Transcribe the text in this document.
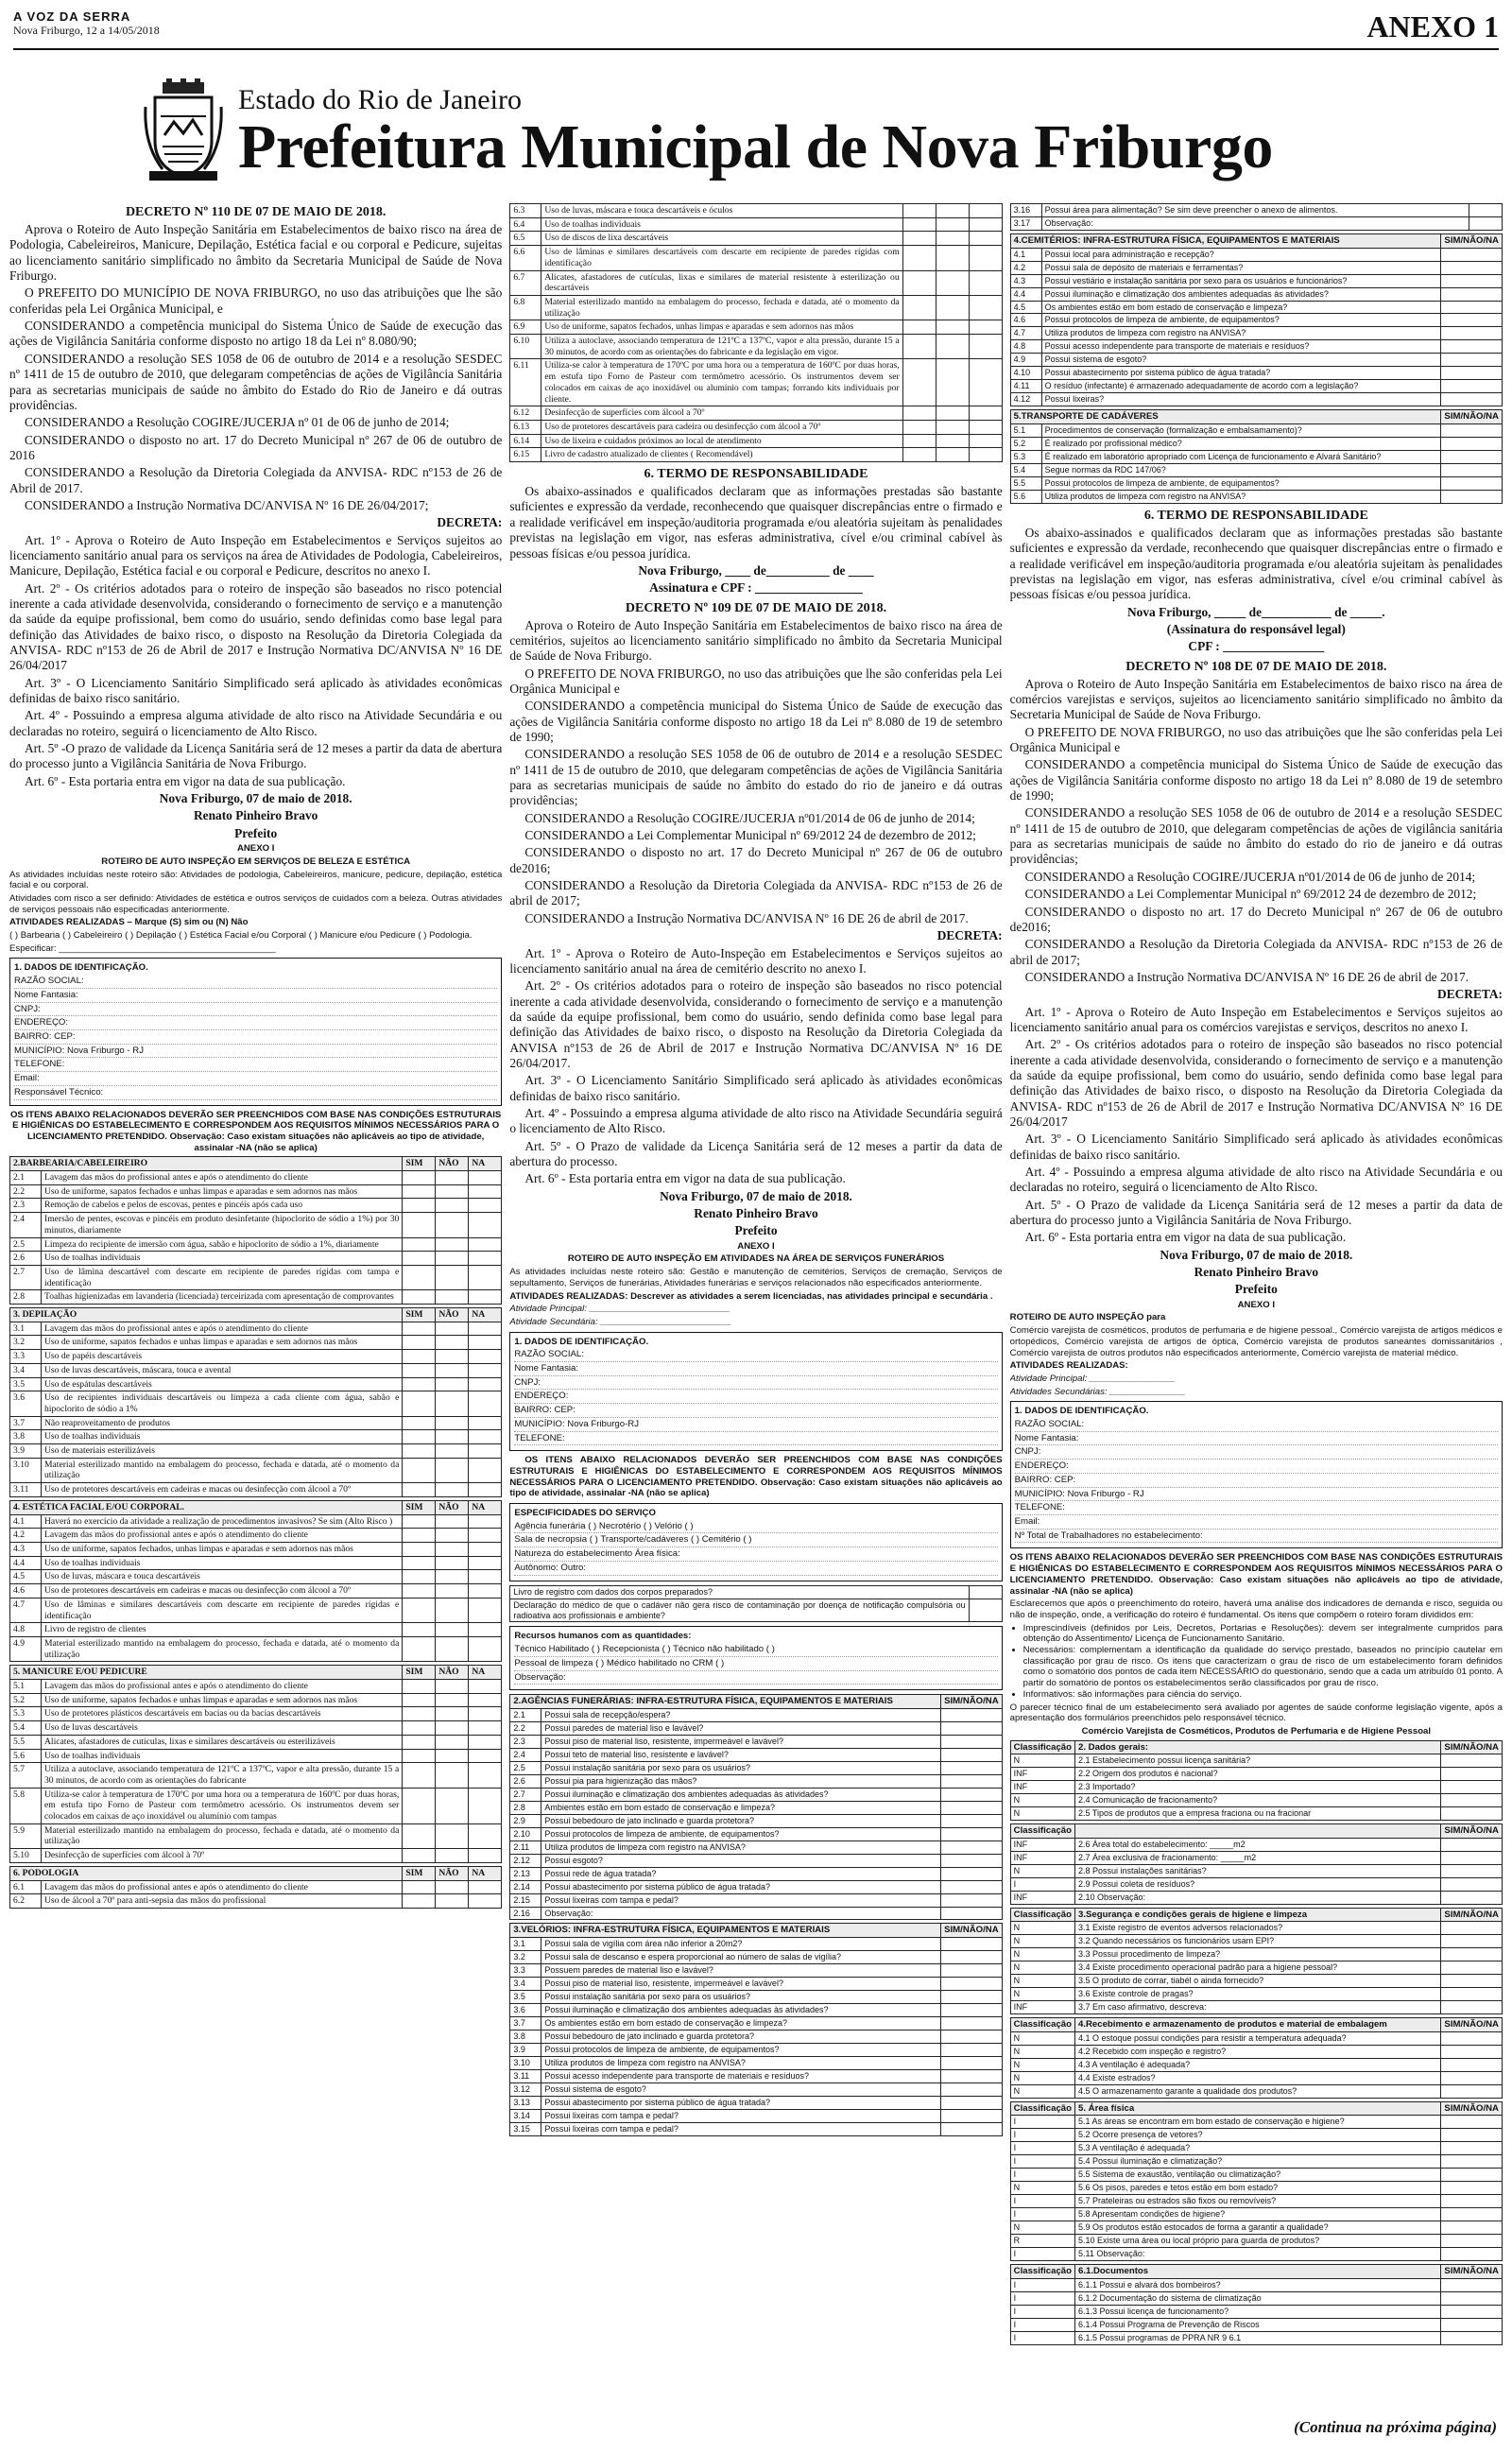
A VOZ DA SERRA
Nova Friburgo, 12 a 14/05/2018	ANEXO 1
Estado do Rio de Janeiro
Prefeitura Municipal de Nova Friburgo
DECRETO Nº 110 DE 07 DE MAIO DE 2018.

Aprova o Roteiro de Auto Inspeção Sanitária em Estabelecimentos de baixo risco na área de Podologia, Cabeleireiros, Manicure, Depilação, Estética facial e ou corporal e Pedicure, sujeitas ao licenciamento sanitário simplificado no âmbito da Secretaria Municipal de Saúde de Nova Friburgo.

O PREFEITO DO MUNICÍPIO DE NOVA FRIBURGO, no uso das atribuições que lhe são conferidas pela Lei Orgânica Municipal, e

CONSIDERANDO a competência municipal do Sistema Único de Saúde de execução das ações de Vigilância Sanitária conforme disposto no artigo 18 da Lei nº 8.080/90;

CONSIDERANDO a resolução SES 1058 de 06 de outubro de 2014 e a resolução SESDEC nº 1411 de 15 de outubro de 2010, que delegaram competências de ações de Vigilância Sanitária para as secretarias municipais de saúde no âmbito do Estado do Rio de Janeiro e dá outras providências.

CONSIDERANDO a Resolução COGIRE/JUCERJA nº 01 de 06 de junho de 2014;

CONSIDERANDO o disposto no art. 17 do Decreto Municipal nº 267 de 06 de outubro de 2016

CONSIDERANDO a Resolução da Diretoria Colegiada da ANVISA- RDC nº153 de 26 de Abril de 2017.

CONSIDERANDO a Instrução Normativa DC/ANVISA Nº 16 DE 26/04/2017;

DECRETA:

Art. 1º - Aprova o Roteiro de Auto Inspeção em Estabelecimentos e Serviços sujeitos ao licenciamento sanitário anual para os serviços na área de Atividades de Podologia, Cabeleireiros, Manicure, Depilação, Estética facial e ou corporal e Pedicure, descritos no anexo I.

Art. 2º - Os critérios adotados para o roteiro de inspeção são baseados no risco potencial inerente a cada atividade desenvolvida, considerando o fornecimento de serviço e a manutenção da saúde da equipe profissional, bem como do usuário, sendo definidas como base legal para definição das Atividades de baixo risco, o disposto na Resolução da Diretoria Colegiada da ANVISA- RDC nº153 de 26 de Abril de 2017 e Instrução Normativa DC/ANVISA Nº 16 DE 26/04/2017

Art. 3º - O Licenciamento Sanitário Simplificado será aplicado às atividades econômicas definidas de baixo risco sanitário.

Art. 4º - Possuindo a empresa alguma atividade de alto risco na Atividade Secundária e ou declaradas no roteiro, seguirá o licenciamento de Alto Risco.

Art. 5º -O prazo de validade da Licença Sanitária será de 12 meses a partir da data de abertura do processo junto a Vigilância Sanitária de Nova Friburgo.

Art. 6º - Esta portaria entra em vigor na data de sua publicação.

Nova Friburgo, 07 de maio de 2018.

Renato Pinheiro Bravo

Prefeito

ANEXO I

ROTEIRO DE AUTO INSPEÇÃO EM SERVIÇOS DE BELEZA E ESTÉTICA

As atividades incluídas neste roteiro são: Atividades de podologia, Cabeleireiros, manicure, pedicure, depilação, estética facial e ou corporal.

Atividades com risco a ser definido: Atividades de estética e outros serviços de cuidados com a beleza. Outras atividades de serviços pessoais não especificadas anteriormente.

ATIVIDADES REALIZADAS – Marque (S) sim ou (N) Não

( ) Barbearia ( ) Cabeleireiro ( ) Depilação ( ) Estética Facial e/ou Corporal ( ) Manicure e/ou Pedicure ( ) Podologia.

Especificar: ___________________________________________

1. DADOS DE IDENTIFICAÇÃO.
RAZÃO SOCIAL:
Nome Fantasia:
CNPJ:
ENDEREÇO:
BAIRRO: CEP:
MUNICÍPIO: Nova Friburgo - RJ
TELEFONE:
Email:
Responsável Técnico:

OS ITENS ABAIXO RELACIONADOS DEVERÃO SER PREENCHIDOS COM BASE NAS CONDIÇÕES ESTRUTURAIS E HIGIÊNICAS DO ESTABELECIMENTO E CORRESPONDEM AOS REQUISITOS MÍNIMOS NECESSÁRIOS PARA O LICENCIAMENTO PRETENDIDO. Observação: Caso existam situações não aplicáveis ao tipo de atividade, assinalar -NA (não se aplica)

2.BARBEARIA/CABELEIREIRO		SIM	NÃO	NA
2.1	Lavagem das mãos do profissional antes e após o atendimento do cliente			
2.2	Uso de uniforme, sapatos fechados e unhas limpas e aparadas e sem adornos nas mãos			
2.3	Remoção de cabelos e pelos de escovas, pentes e pincéis após cada uso			
2.4	Imersão de pentes, escovas e pincéis em produto desinfetante (hipoclorito de sódio a 1%) por 30 minutos, diariamente			
2.5	Limpeza do recipiente de imersão com água, sabão e hipoclorito de sódio a 1%, diariamente			
2.6	Uso de toalhas individuais			
2.7	Uso de lâmina descartável com descarte em recipiente de paredes rígidas com tampa e identificação			
2.8	Toalhas higienizadas em lavanderia (licenciada) terceirizada com apresentação de comprovantes			
3. DEPILAÇÃO		SIM	NÃO	NA
3.1	Lavagem das mãos do profissional antes e após o atendimento do cliente			
3.2	Uso de uniforme, sapatos fechados e unhas limpas e aparadas e sem adornos nas mãos			
3.3	Uso de papéis descartáveis			
3.4	Uso de luvas descartáveis, máscara, touca e avental			
3.5	Uso de espátulas descartáveis			
3.6	Uso de recipientes individuais descartáveis ou limpeza a cada cliente com água, sabão e hipoclorito de sódio a 1%			
3.7	Não reaproveitamento de produtos			
3.8	Uso de toalhas individuais			
3.9	Uso de materiais esterilizáveis			
3.10	Material esterilizado mantido na embalagem do processo, fechada e datada, até o momento da utilização			
3.11	Uso de protetores descartáveis em cadeiras e macas ou desinfecção com álcool a 70º			
4. ESTÉTICA FACIAL E/OU CORPORAL.		SIM	NÃO	NA
4.1	Haverá no exercício da atividade a realização de procedimentos invasivos? Se sim (Alto Risco )			
4.2	Lavagem das mãos do profissional antes e após o atendimento do cliente			
4.3	Uso de uniforme, sapatos fechados, unhas limpas e aparadas e sem adornos nas mãos			
4.4	Uso de toalhas individuais			
4.5	Uso de luvas, máscara e touca descartáveis			
4.6	Uso de protetores descartáveis em cadeiras e macas ou desinfecção com álcool a 70º			
4.7	Uso de lâminas e similares descartáveis com descarte em recipiente de paredes rígidas e identificação			
4.8	Livro de registro de clientes			
4.9	Material esterilizado mantido na embalagem do processo, fechada e datada, até o momento da utilização			
5. MANICURE E/OU PEDICURE		SIM	NÃO	NA
5.1	Lavagem das mãos do profissional antes e após o atendimento do cliente			
5.2	Uso de uniforme, sapatos fechados e unhas limpas e aparadas e sem adornos nas mãos			
5.3	Uso de protetores plásticos descartáveis em bacias ou da bacias descartáveis			
5.4	Uso de luvas descartáveis			
5.5	Alicates, afastadores de cutículas, lixas e similares descartáveis ou esterilizáveis			
5.6	Uso de toalhas individuais			
5.7	Utiliza a autoclave, associando temperatura de 121ºC a 137ºC, vapor e alta pressão, durante 15 a 30 minutos, de acordo com as orientações do fabricante			
5.8	Utiliza-se calor à temperatura de 170ºC por uma hora ou a temperatura de 160ºC por duas horas, em estufa tipo Forno de Pasteur com termômetro acessório. Os instrumentos devem ser colocados em caixas de aço inoxidável ou alumínio com tampas			
5.9	Material esterilizado mantido na embalagem do processo, fechada e datada, até o momento da utilização			
5.10	Desinfecção de superfícies com álcool à 70º			
6. PODOLOGIA		SIM	NÃO	NA
6.1	Lavagem das mãos do profissional antes e após o atendimento do cliente			
6.2	Uso de álcool a 70º para anti-sepsia das mãos do profissional			
6.3	Uso de luvas, máscara e touca descartáveis e óculos			
6.4	Uso de toalhas individuais			
6.5	Uso de discos de lixa descartáveis			
6.6	Uso de lâminas e similares descartáveis com descarte em recipiente de paredes rígidas com identificação			
6.7	Alicates, afastadores de cutículas, lixas e similares de material resistente à esterilização ou descartáveis			
6.8	Material esterilizado mantido na embalagem do processo, fechada e datada, até o momento da utilização			
6.9	Uso de uniforme, sapatos fechados, unhas limpas e aparadas e sem adornos nas mãos			
6.10	Utiliza a autoclave, associando temperatura de 121ºC a 137ºC, vapor e alta pressão, durante 15 a 30 minutos, de acordo com as orientações do fabricante e da legislação em vigor.			
6.11	Utiliza-se calor à temperatura de 170ºC por uma hora ou a temperatura de 160ºC por duas horas, em estufa tipo Forno de Pasteur com termômetro acessório. Os instrumentos devem ser colocados em caixas de aço inoxidável ou alumínio com tampas; forrando kits individuais por cliente.			
6.12	Desinfecção de superfícies com álcool a 70º			
6.13	Uso de protetores descartáveis para cadeira ou desinfecção com álcool a 70º			
6.14	Uso de lixeira e cuidados próximos ao local de atendimento			
6.15	Livro de cadastro atualizado de clientes ( Recomendável)			
6. TERMO DE RESPONSABILIDADE

Os abaixo-assinados e qualificados declaram que as informações prestadas são bastante suficientes e expressão da verdade, reconhecendo que quaisquer discrepâncias entre o firmado e a realidade verificável em inspeção/auditoria programada e/ou aleatória sujeitam às penalidades previstas na legislação em vigor, nas esferas administrativa, cível e/ou criminal cabível às pessoas físicas e/ou pessoa jurídica.

Nova Friburgo, ____ de__________ de ____

Assinatura e CPF : _________________

DECRETO Nº 109 DE 07 DE MAIO DE 2018.

Aprova o Roteiro de Auto Inspeção Sanitária em Estabelecimentos de baixo risco na área de cemitérios, sujeitos ao licenciamento sanitário simplificado no âmbito da Secretaria Municipal de Saúde de Nova Friburgo.

O PREFEITO DE NOVA FRIBURGO, no uso das atribuições que lhe são conferidas pela Lei Orgânica Municipal e

CONSIDERANDO a competência municipal do Sistema Único de Saúde de execução das ações de Vigilância Sanitária conforme disposto no artigo 18 da Lei nº 8.080 de 19 de setembro de 1990;

CONSIDERANDO a resolução SES 1058 de 06 de outubro de 2014 e a resolução SESDEC nº 1411 de 15 de outubro de 2010, que delegaram competências de ações de Vigilância Sanitária para as secretarias municipais de saúde no âmbito do estado do rio de janeiro e dá outras providências;

CONSIDERANDO a Resolução COGIRE/JUCERJA nº01/2014 de 06 de junho de 2014;

CONSIDERANDO a Lei Complementar Municipal nº 69/2012 24 de dezembro de 2012;

CONSIDERANDO o disposto no art. 17 do Decreto Municipal nº 267 de 06 de outubro de2016;

CONSIDERANDO a Resolução da Diretoria Colegiada da ANVISA- RDC nº153 de 26 de abril de 2017;

CONSIDERANDO a Instrução Normativa DC/ANVISA Nº 16 DE 26 de abril de 2017.

DECRETA:

Art. 1º - Aprova o Roteiro de Auto-Inspeção em Estabelecimentos e Serviços sujeitos ao licenciamento sanitário anual na área de cemitério descrito no anexo I.

Art. 2º - Os critérios adotados para o roteiro de inspeção são baseados no risco potencial inerente a cada atividade desenvolvida, considerando o fornecimento de serviço e a manutenção da saúde da equipe profissional, bem como do usuário, sendo definida como base legal para definição das Atividades de baixo risco, o disposto na Resolução da Diretoria Colegiada da ANVISA nº153 de 26 de Abril de 2017 e Instrução Normativa DC/ANVISA Nº 16 DE 26/04/2017.

Art. 3º - O Licenciamento Sanitário Simplificado será aplicado às atividades econômicas definidas de baixo risco sanitário.

Art. 4º - Possuindo a empresa alguma atividade de alto risco na Atividade Secundária seguirá o licenciamento de Alto Risco.

Art. 5º - O Prazo de validade da Licença Sanitária será de 12 meses a partir da data de abertura do processo.

Art. 6º - Esta portaria entra em vigor na data de sua publicação.

Nova Friburgo, 07 de maio de 2018.

Renato Pinheiro Bravo

Prefeito

ANEXO I

ROTEIRO DE AUTO INSPEÇÃO EM ATIVIDADES NA ÁREA DE SERVIÇOS FUNERÁRIOS

As atividades incluídas neste roteiro são: Gestão e manutenção de cemitérios, Serviços de cremação, Serviços de sepultamento, Serviços de funerárias, Atividades funerárias e serviços relacionados não especificados anteriormente.

ATIVIDADES REALIZADAS: Descrever as atividades a serem licenciadas, nas atividades principal e secundária .

Atividade Principal: ____________________________

Atividade Secundária: __________________________

1. DADOS DE IDENTIFICAÇÃO.
RAZÃO SOCIAL:
Nome Fantasia:
CNPJ:
ENDEREÇO:
BAIRRO: CEP:
MUNICÍPIO: Nova Friburgo-RJ
TELEFONE:

OS ITENS ABAIXO RELACIONADOS DEVERÃO SER PREENCHIDOS COM BASE NAS CONDIÇÕES ESTRUTURAIS E HIGIÊNICAS DO ESTABELECIMENTO E CORRESPONDEM AOS REQUISITOS MÍNIMOS NECESSÁRIOS PARA O LICENCIAMENTO PRETENDIDO. Observação: Caso existam situações não aplicáveis ao tipo de atividade, assinalar -NA (não se aplica)

ESPECIFICIDADES DO SERVIÇO
Agência funerária ( ) Necrotério ( ) Velório ( )
Sala de necropsia ( ) Transporte/cadáveres ( ) Cemitério ( )
Natureza do estabelecimento Área física:
Autônomo: Outro:
Livro de registro com dados dos corpos preparados?	
Declaração do médico de que o cadáver não gera risco de contaminação por doença de notificação compulsória ou radioativa aos profissionais e ambiente?	
Recursos humanos com as quantidades:
Técnico Habilitado ( ) Recepcionista ( ) Técnico não habilitado ( )
Pessoal de limpeza ( ) Médico habilitado no CRM ( )
Observação:
2.AGÊNCIAS FUNERÁRIAS: INFRA-ESTRUTURA FÍSICA, EQUIPAMENTOS E MATERIAIS		SIM/NÃO/NA
2.1	Possui sala de recepção/espera?	
2.2	Possui paredes de material liso e lavável?	
2.3	Possui piso de material liso, resistente, impermeável e lavável?	
2.4	Possui teto de material liso, resistente e lavável?	
2.5	Possui instalação sanitária por sexo para os usuários?	
2.6	Possui pia para higienização das mãos?	
2.7	Possui iluminação e climatização dos ambientes adequadas às atividades?	
2.8	Ambientes estão em bom estado de conservação e limpeza?	
2.9	Possui bebedouro de jato inclinado e guarda protetora?	
2.10	Possui protocolos de limpeza de ambiente, de equipamentos?	
2.11	Utiliza produtos de limpeza com registro na ANVISA?	
2.12	Possui esgoto?	
2.13	Possui rede de água tratada?	
2.14	Possui abastecimento por sistema público de água tratada?	
2.15	Possui lixeiras com tampa e pedal?	
2.16	Observação:	
3.VELÓRIOS: INFRA-ESTRUTURA FÍSICA, EQUIPAMENTOS E MATERIAIS		SIM/NÃO/NA
3.1	Possui sala de vigília com área não inferior a 20m2?	
3.2	Possui sala de descanso e espera proporcional ao número de salas de vigília?	
3.3	Possuem paredes de material liso e lavável?	
3.4	Possui piso de material liso, resistente, impermeável e lavável?	
3.5	Possui instalação sanitária por sexo para os usuários?	
3.6	Possui iluminação e climatização dos ambientes adequadas às atividades?	
3.7	Os ambientes estão em bom estado de conservação e limpeza?	
3.8	Possui bebedouro de jato inclinado e guarda protetora?	
3.9	Possui protocolos de limpeza de ambiente, de equipamentos?	
3.10	Utiliza produtos de limpeza com registro na ANVISA?	
3.11	Possui acesso independente para transporte de materiais e resíduos?	
3.12	Possui sistema de esgoto?	
3.13	Possui abastecimento por sistema público de água tratada?	
3.14	Possui lixeiras com tampa e pedal?	
3.15	Possui lixeiras com tampa e pedal?	
3.16	Possui área para alimentação? Se sim deve preencher o anexo de alimentos.	
3.17	Observação:	
4.CEMITÉRIOS: INFRA-ESTRUTURA FÍSICA, EQUIPAMENTOS E MATERIAIS		SIM/NÃO/NA
4.1	Possui local para administração e recepção?	
4.2	Possui sala de depósito de materiais e ferramentas?	
4.3	Possui vestiário e instalação sanitária por sexo para os usuários e funcionários?	
4.4	Possui iluminação e climatização dos ambientes adequadas às atividades?	
4.5	Os ambientes estão em bom estado de conservação e limpeza?	
4.6	Possui protocolos de limpeza de ambiente, de equipamentos?	
4.7	Utiliza produtos de limpeza com registro na ANVISA?	
4.8	Possui acesso independente para transporte de materiais e resíduos?	
4.9	Possui sistema de esgoto?	
4.10	Possui abastecimento por sistema público de água tratada?	
4.11	O resíduo (infectante) é armazenado adequadamente de acordo com a legislação?	
4.12	Possui lixeiras?	
5.TRANSPORTE DE CADÁVERES		SIM/NÃO/NA
5.1	Procedimentos de conservação (formalização e embalsamamento)?	
5.2	É realizado por profissional médico?	
5.3	É realizado em laboratório apropriado com Licença de funcionamento e Alvará Sanitário?	
5.4	Segue normas da RDC 147/06?	
5.5	Possui protocolos de limpeza de ambiente, de equipamentos?	
5.6	Utiliza produtos de limpeza com registro na ANVISA?	
6. TERMO DE RESPONSABILIDADE

Os abaixo-assinados e qualificados declaram que as informações prestadas são bastante suficientes e expressão da verdade, reconhecendo que quaisquer discrepâncias entre o firmado e a realidade verificável em inspeção/auditoria programada e/ou aleatória sujeitam às penalidades previstas na legislação em vigor, nas esferas administrativa, cível e/ou criminal cabível às pessoas físicas e/ou pessoa jurídica.

Nova Friburgo, _____ de___________ de _____.

(Assinatura do responsável legal)

CPF : ________________

DECRETO Nº 108 DE 07 DE MAIO DE 2018.

Aprova o Roteiro de Auto Inspeção Sanitária em Estabelecimentos de baixo risco na área de comércios varejistas e serviços, sujeitos ao licenciamento sanitário simplificado no âmbito da Secretaria Municipal de Saúde de Nova Friburgo.

O PREFEITO DE NOVA FRIBURGO, no uso das atribuições que lhe são conferidas pela Lei Orgânica Municipal e

CONSIDERANDO a competência municipal do Sistema Único de Saúde de execução das ações de Vigilância Sanitária conforme disposto no artigo 18 da Lei nº 8.080 de 19 de setembro de 1990;

CONSIDERANDO a resolução SES 1058 de 06 de outubro de 2014 e a resolução SESDEC nº 1411 de 15 de outubro de 2010, que delegaram competências de ações de vigilância sanitária para as secretarias municipais de saúde no âmbito do estado do rio de janeiro e dá outras providências;

CONSIDERANDO a Resolução COGIRE/JUCERJA nº01/2014 de 06 de junho de 2014;

CONSIDERANDO a Lei Complementar Municipal nº 69/2012 24 de dezembro de 2012;

CONSIDERANDO o disposto no art. 17 do Decreto Municipal nº 267 de 06 de outubro de2016;

CONSIDERANDO a Resolução da Diretoria Colegiada da ANVISA- RDC nº153 de 26 de abril de 2017;

CONSIDERANDO a Instrução Normativa DC/ANVISA Nº 16 DE 26 de abril de 2017.

DECRETA:

Art. 1º - Aprova o Roteiro de Auto Inspeção em Estabelecimentos e Serviços sujeitos ao licenciamento sanitário anual para os comércios varejistas e serviços, descritos no anexo I.

Art. 2º - Os critérios adotados para o roteiro de inspeção são baseados no risco potencial inerente a cada atividade desenvolvida, considerando o fornecimento de serviço e a manutenção da saúde da equipe profissional, bem como do usuário, sendo definida como base legal para definição das Atividades de baixo risco, o disposto na Resolução da Diretoria Colegiada da ANVISA- RDC nº153 de 26 de Abril de 2017 e Instrução Normativa DC/ANVISA Nº 16 DE 26/04/2017

Art. 3º - O Licenciamento Sanitário Simplificado será aplicado às atividades econômicas definidas de baixo risco sanitário.

Art. 4º - Possuindo a empresa alguma atividade de alto risco na Atividade Secundária e ou declaradas no roteiro, seguirá o licenciamento de Alto Risco.

Art. 5º - O Prazo de validade da Licença Sanitária será de 12 meses a partir da data de abertura do processo junto a Vigilância Sanitária de Nova Friburgo.

Art. 6º - Esta portaria entra em vigor na data de sua publicação.

Nova Friburgo, 07 de maio de 2018.

Renato Pinheiro Bravo

Prefeito

ANEXO I

ROTEIRO DE AUTO INSPEÇÃO para

Comércio varejista de cosméticos, produtos de perfumaria e de higiene pessoal., Comércio varejista de artigos médicos e ortopédicos, Comércio varejista de artigos de óptica, Comércio varejista de produtos saneantes domissanitários , Comércio varejista de outros produtos não especificados anteriormente, Comércio varejista de material médico.

ATIVIDADES REALIZADAS:

Atividade Principal: _________________

Atividades Secundárias: _______________

1. DADOS DE IDENTIFICAÇÃO.
RAZÃO SOCIAL:
Nome Fantasia:
CNPJ:
ENDEREÇO:
BAIRRO: CEP:
MUNICÍPIO: Nova Friburgo - RJ
TELEFONE:
Email:
Nº Total de Trabalhadores no estabelecimento:

OS ITENS ABAIXO RELACIONADOS DEVERÃO SER PREENCHIDOS COM BASE NAS CONDIÇÕES ESTRUTURAIS E HIGIÊNICAS DO ESTABELECIMENTO E CORRESPONDEM AOS REQUISITOS MÍNIMOS NECESSÁRIOS PARA O LICENCIAMENTO PRETENDIDO. Observação: Caso existam situações não aplicáveis ao tipo de atividade, assinalar -NA (não se aplica)

Esclarecemos que após o preenchimento do roteiro, haverá uma análise dos indicadores de demanda e risco, seguida ou não de inspeção, onde, a verificação do roteiro é fundamental. Os itens que compõem o roteiro foram divididos em:

• Imprescindíveis (definidos por Leis, Decretos, Portarias e Resoluções): devem ser integralmente cumpridos para obtenção do Assentimento/ Licença de Funcionamento Sanitário.
• Necessários: complementam a identificação da qualidade do serviço prestado, baseados no princípio cautelar em classificação por grau de risco. Os itens que caracterizam o grau de risco de um estabelecimento foram definidos como o somatório dos pontos de cada item NECESSÁRIO do questionário, sendo que a cada um atribuído 01 ponto. A partir do somatório de pontos os estabelecimentos serão classificados por grau de risco.
• Informativos: são informações para ciência do serviço.

O parecer técnico final de um estabelecimento será avaliado por agentes de saúde conforme legislação vigente, após a apresentação dos formulários preenchidos pelo responsável técnico.

Comércio Varejista de Cosméticos, Produtos de Perfumaria e de Higiene Pessoal

Classificação	2. Dados gerais:	SIM/NÃO/NA
N	2.1 Estabelecimento possui licença sanitária?	
INF	2.2 Origem dos produtos é nacional?	
INF	2.3 Importado?	
N	2.4 Comunicação de fracionamento?	
N	2.5 Tipos de produtos que a empresa fraciona ou na fracionar	
Classificação		SIM/NÃO/NA
INF	2.6 Área total do estabelecimento: _____m2	
INF	2.7 Área exclusiva de fracionamento: _____m2	
N	2.8 Possui instalações sanitárias?	
I	2.9 Possui coleta de resíduos?	
INF	2.10 Observação:	
Classificação	3.Segurança e condições gerais de higiene e limpeza	SIM/NÃO/NA
N	3.1 Existe registro de eventos adversos relacionados?	
N	3.2 Quando necessários os funcionários usam EPI?	
N	3.3 Possui procedimento de limpeza?	
N	3.4 Existe procedimento operacional padrão para a higiene pessoal?	
N	3.5 O produto de corrar, tiabél o ainda fornecido?	
N	3.6 Existe controle de pragas?	
INF	3.7 Em caso afirmativo, descreva:	
Classificação	4.Recebimento e armazenamento de produtos e material de embalagem	SIM/NÃO/NA
N	4.1 O estoque possui condições para resistir a temperatura adequada?	
N	4.2 Recebido com inspeção e registro?	
N	4.3 A ventilação é adequada?	
N	4.4 Existe estrados?	
N	4.5 O armazenamento garante a qualidade dos produtos?	
Classificação	5. Área física	SIM/NÃO/NA
I	5.1 As áreas se encontram em bom estado de conservação e higiene?	
I	5.2 Ocorre presença de vetores?	
I	5.3 A ventilação é adequada?	
I	5.4 Possui iluminação e climatização?	
I	5.5 Sistema de exaustão, ventilação ou climatização?	
N	5.6 Os pisos, paredes e tetos estão em bom estado?	
I	5.7 Prateleiras ou estrados são fixos ou removíveis?	
I	5.8 Apresentam condições de higiene?	
N	5.9 Os produtos estão estocados de forma a garantir a qualidade?	
R	5.10 Existe uma área ou local próprio para guarda de produtos?	
I	5.11 Observação:	
Classificação	6.1.Documentos	SIM/NÃO/NA
I	6.1.1 Possui e alvará dos bombeiros?	
I	6.1.2 Documentação do sistema de climatização	
I	6.1.3 Possui licença de funcionamento?	
I	6.1.4 Possui Programa de Prevenção de Riscos	
I	6.1.5 Possui programas de PPRA NR 9 6.1	
(Continua na próxima página)
